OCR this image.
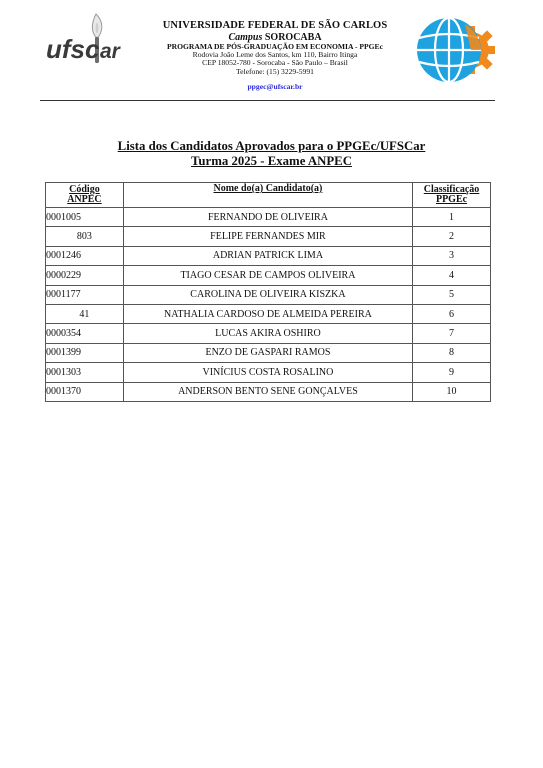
ufsc ar
UNIVERSIDADE FEDERAL DE SÃO CARLOS
Campus SOROCABA
PROGRAMA DE PÓS-GRADUAÇÃO EM ECONOMIA - PPGEc
Rodovia João Leme dos Santos, km 110, Bairro Itinga
CEP 18052-780 - Sorocaba - São Paulo – Brasil
Telefone: (15) 3229-5991
ppgec@ufscar.br
Lista dos Candidatos Aprovados para o PPGEc/UFSCar
Turma 2025 - Exame ANPEC
Código
ANPEC	Nome do(a) Candidato(a)	Classificação
PPGEc
0001005	FERNANDO DE OLIVEIRA	1
803	FELIPE FERNANDES MIR	2
0001246	ADRIAN PATRICK LIMA	3
0000229	TIAGO CESAR DE CAMPOS OLIVEIRA	4
0001177	CAROLINA DE OLIVEIRA KISZKA	5
41	NATHALIA CARDOSO DE ALMEIDA PEREIRA	6
0000354	LUCAS AKIRA OSHIRO	7
0001399	ENZO DE GASPARI RAMOS	8
0001303	VINÍCIUS COSTA ROSALINO	9
0001370	ANDERSON BENTO SENE GONÇALVES	10
